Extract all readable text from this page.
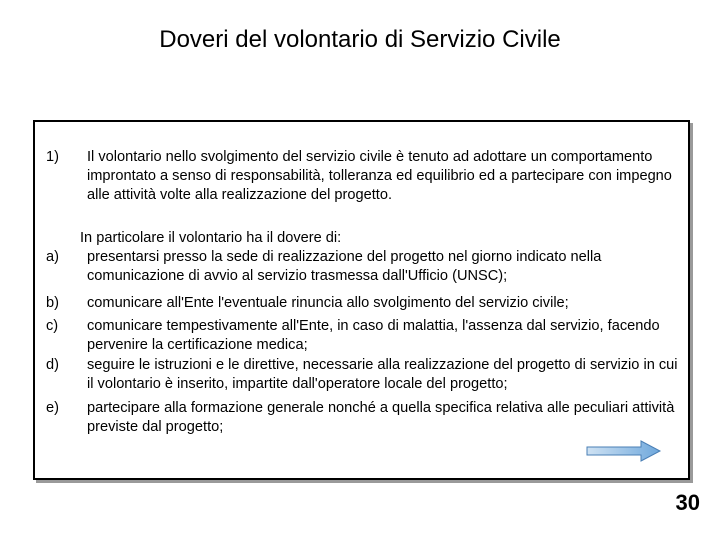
Doveri del volontario di Servizio Civile
1) Il volontario nello svolgimento del servizio civile è tenuto ad adottare un comportamento improntato a senso di responsabilità, tolleranza ed equilibrio ed a partecipare con impegno alle attività volte alla realizzazione del progetto.
In particolare il volontario ha il dovere di:
a) presentarsi presso la sede di realizzazione del progetto nel giorno indicato nella comunicazione di avvio al servizio trasmessa dall'Ufficio (UNSC);
b) comunicare all'Ente l'eventuale rinuncia allo svolgimento del servizio civile;
c) comunicare tempestivamente all'Ente, in caso di malattia, l'assenza dal servizio, facendo pervenire la certificazione medica;
d) seguire le istruzioni e le direttive, necessarie alla realizzazione del progetto di servizio in cui il volontario è inserito, impartite dall'operatore locale del progetto;
e) partecipare alla formazione generale nonché a quella specifica relativa alle peculiari attività previste dal progetto;
30
